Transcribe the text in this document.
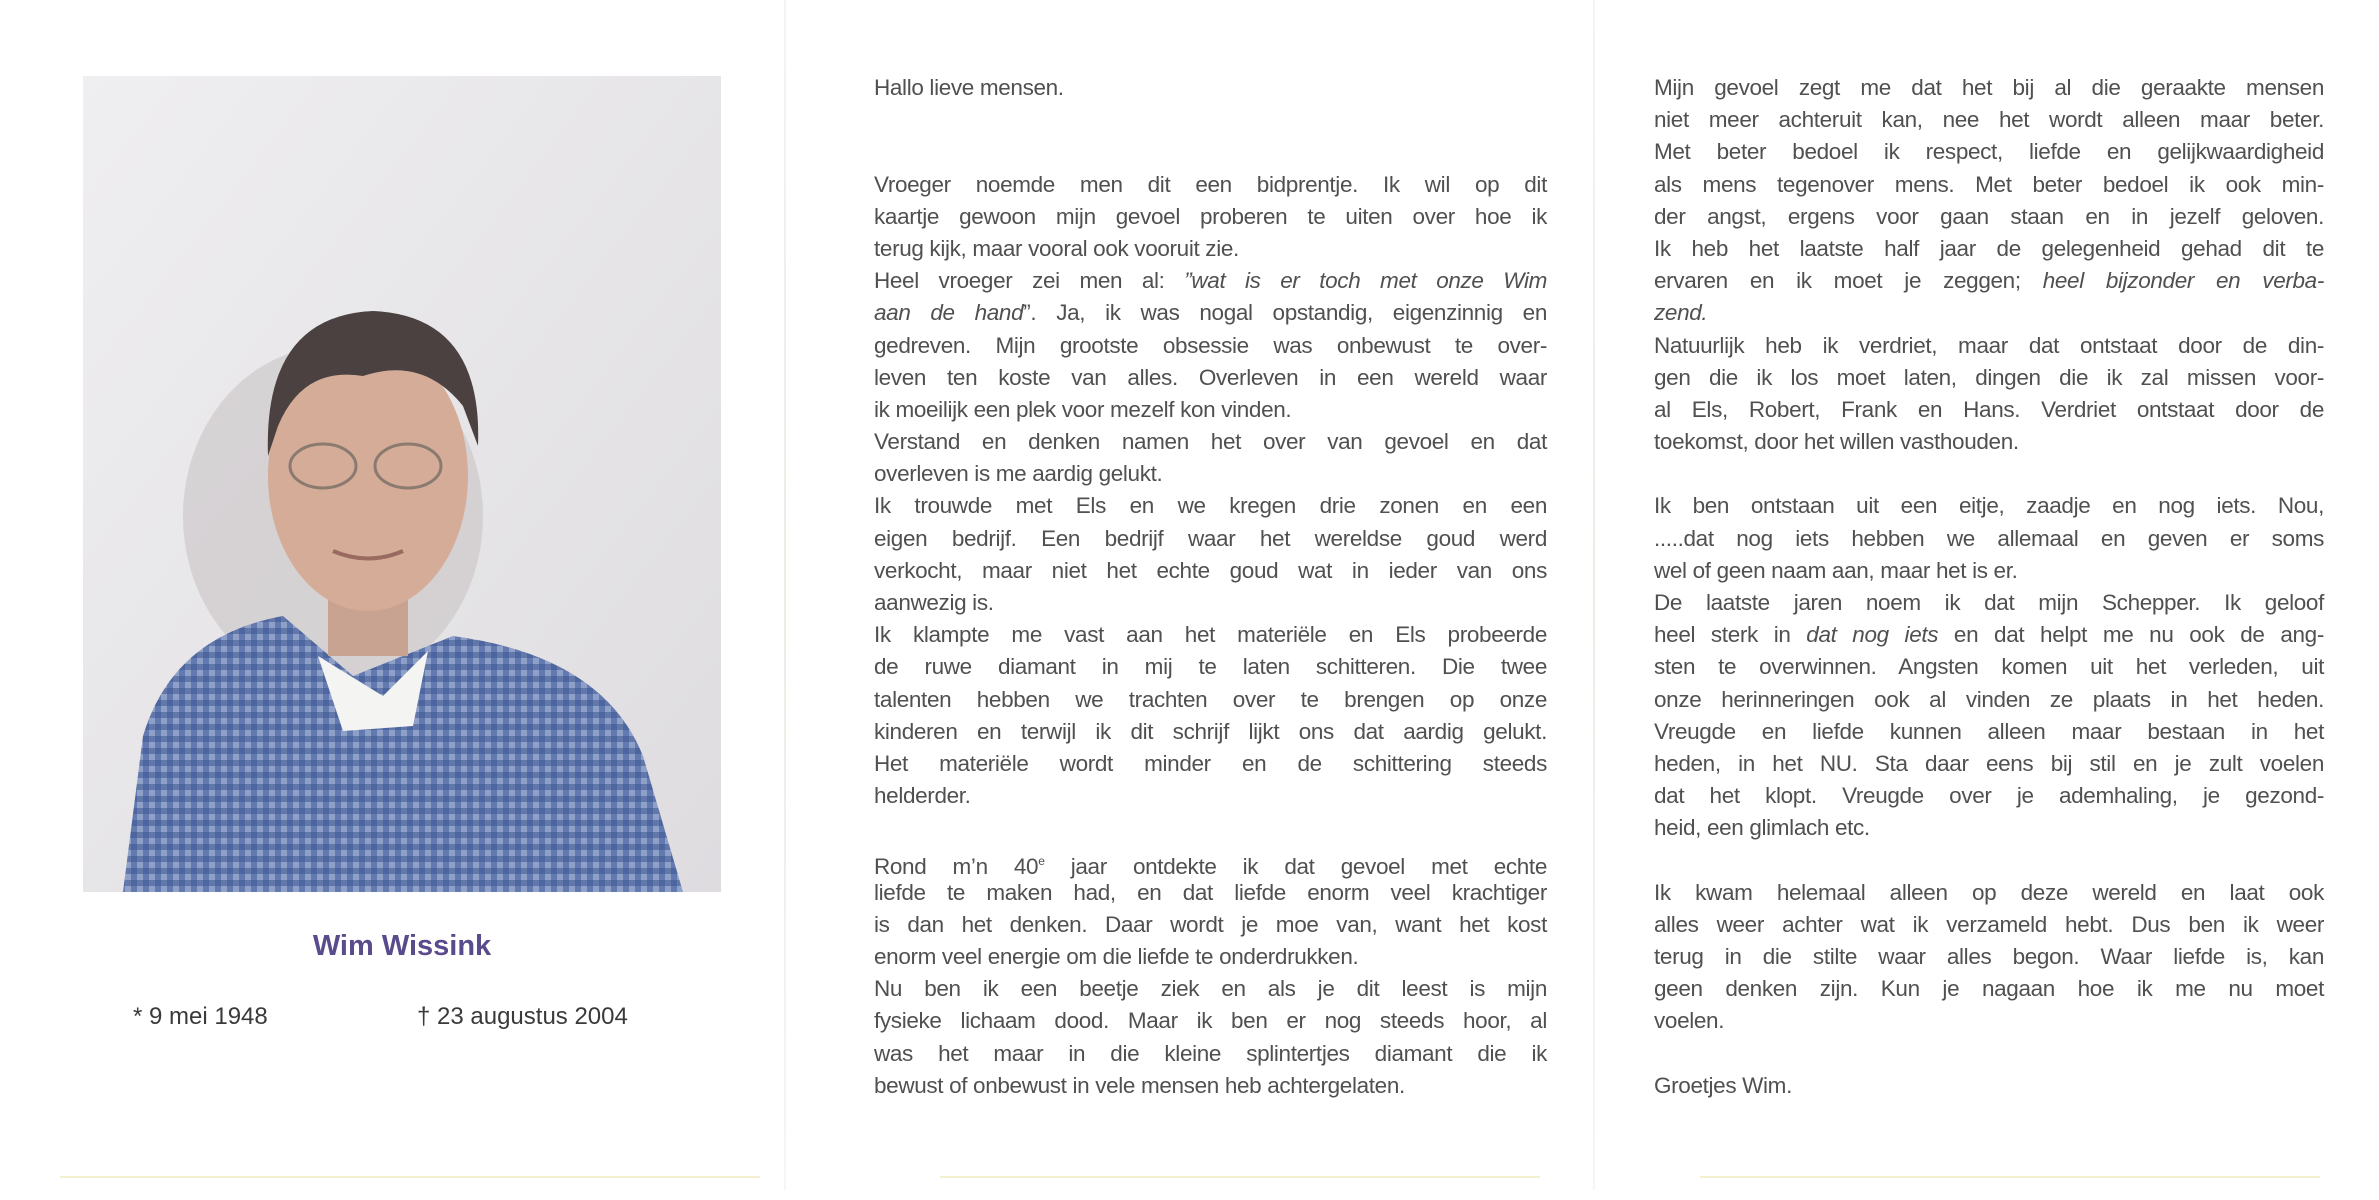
Wim Wissink
* 9 mei 1948	† 23 augustus 2004
Hallo lieve mensen.
Vroeger noemde men dit een bidprentje. Ik wil op dit
kaartje gewoon mijn gevoel proberen te uiten over hoe ik
terug kijk, maar vooral ook vooruit zie.
Heel vroeger zei men al: ”wat is er toch met onze Wim
aan de hand”. Ja, ik was nogal opstandig, eigenzinnig en
gedreven. Mijn grootste obsessie was onbewust te over-
leven ten koste van alles. Overleven in een wereld waar
ik moeilijk een plek voor mezelf kon vinden.
Verstand en denken namen het over van gevoel en dat
overleven is me aardig gelukt.
Ik trouwde met Els en we kregen drie zonen en een
eigen bedrijf. Een bedrijf waar het wereldse goud werd
verkocht, maar niet het echte goud wat in ieder van ons
aanwezig is.
Ik klampte me vast aan het materiële en Els probeerde
de ruwe diamant in mij te laten schitteren. Die twee
talenten hebben we trachten over te brengen op onze
kinderen en terwijl ik dit schrijf lijkt ons dat aardig gelukt.
Het materiële wordt minder en de schittering steeds
helderder.
Rond m’n 40e jaar ontdekte ik dat gevoel met echte
liefde te maken had, en dat liefde enorm veel krachtiger
is dan het denken. Daar wordt je moe van, want het kost
enorm veel energie om die liefde te onderdrukken.
Nu ben ik een beetje ziek en als je dit leest is mijn
fysieke lichaam dood. Maar ik ben er nog steeds hoor, al
was het maar in die kleine splintertjes diamant die ik
bewust of onbewust in vele mensen heb achtergelaten.
Mijn gevoel zegt me dat het bij al die geraakte mensen
niet meer achteruit kan, nee het wordt alleen maar beter.
Met beter bedoel ik respect, liefde en gelijkwaardigheid
als mens tegenover mens. Met beter bedoel ik ook min-
der angst, ergens voor gaan staan en in jezelf geloven.
Ik heb het laatste half jaar de gelegenheid gehad dit te
ervaren en ik moet je zeggen; heel bijzonder en verba-
zend.
Natuurlijk heb ik verdriet, maar dat ontstaat door de din-
gen die ik los moet laten, dingen die ik zal missen voor-
al Els, Robert, Frank en Hans. Verdriet ontstaat door de
toekomst, door het willen vasthouden.
Ik ben ontstaan uit een eitje, zaadje en nog iets. Nou,
.....dat nog iets hebben we allemaal en geven er soms
wel of geen naam aan, maar het is er.
De laatste jaren noem ik dat mijn Schepper. Ik geloof
heel sterk in dat nog iets en dat helpt me nu ook de ang-
sten te overwinnen. Angsten komen uit het verleden, uit
onze herinneringen ook al vinden ze plaats in het heden.
Vreugde en liefde kunnen alleen maar bestaan in het
heden, in het NU. Sta daar eens bij stil en je zult voelen
dat het klopt. Vreugde over je ademhaling, je gezond-
heid, een glimlach etc.
Ik kwam helemaal alleen op deze wereld en laat ook
alles weer achter wat ik verzameld hebt. Dus ben ik weer
terug in die stilte waar alles begon. Waar liefde is, kan
geen denken zijn. Kun je nagaan hoe ik me nu moet
voelen.
Groetjes Wim.
